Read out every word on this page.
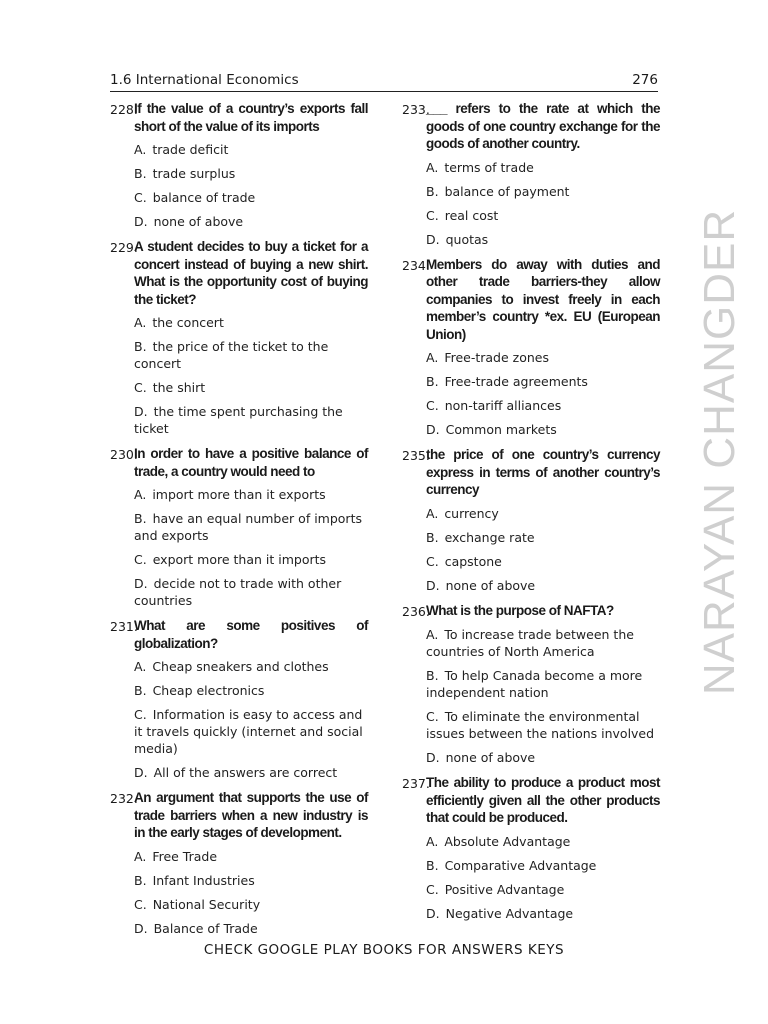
1.6 International Economics	276
228.
If the value of a country’s exports fall short of the value of its imports
A. trade deficit
B. trade surplus
C. balance of trade
D. none of above
229.
A student decides to buy a ticket for a concert instead of buying a new shirt. What is the opportunity cost of buying the ticket?
A. the concert
B. the price of the ticket to the concert
C. the shirt
D. the time spent purchasing the ticket
230.
In order to have a positive balance of trade, a country would need to
A. import more than it exports
B. have an equal number of imports and exports
C. export more than it imports
D. decide not to trade with other countries
231.
What are some positives of globalization?
A. Cheap sneakers and clothes
B. Cheap electronics
C. Information is easy to access and it travels quickly (internet and social media)
D. All of the answers are correct
232.
An argument that supports the use of trade barriers when a new industry is in the early stages of development.
A. Free Trade
B. Infant Industries
C. National Security
D. Balance of Trade
233.
___ refers to the rate at which the goods of one country exchange for the goods of another country.
A. terms of trade
B. balance of payment
C. real cost
D. quotas
234.
Members do away with duties and other trade barriers-they allow companies to invest freely in each member’s country *ex. EU (European Union)
A. Free-trade zones
B. Free-trade agreements
C. non-tariff alliances
D. Common markets
235.
the price of one country’s currency express in terms of another country’s currency
A. currency
B. exchange rate
C. capstone
D. none of above
236.
What is the purpose of NAFTA?
A. To increase trade between the countries of North America
B. To help Canada become a more independent nation
C. To eliminate the environmental issues between the nations involved
D. none of above
237.
The ability to produce a product most efficiently given all the other products that could be produced.
A. Absolute Advantage
B. Comparative Advantage
C. Positive Advantage
D. Negative Advantage
NARAYAN CHANGDER
CHECK GOOGLE PLAY BOOKS FOR ANSWERS KEYS
